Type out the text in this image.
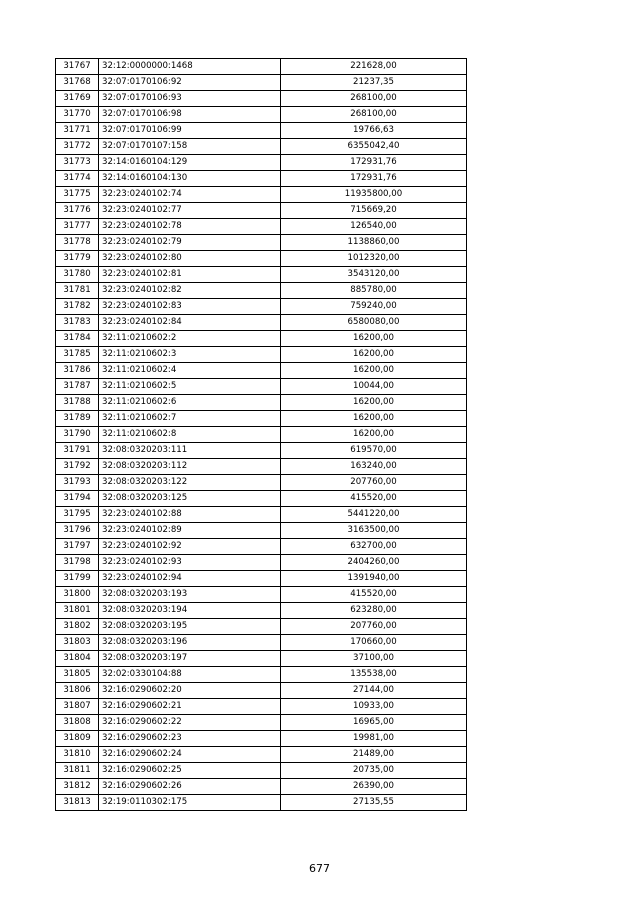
31767	32:12:0000000:1468	221628,00
31768	32:07:0170106:92	21237,35
31769	32:07:0170106:93	268100,00
31770	32:07:0170106:98	268100,00
31771	32:07:0170106:99	19766,63
31772	32:07:0170107:158	6355042,40
31773	32:14:0160104:129	172931,76
31774	32:14:0160104:130	172931,76
31775	32:23:0240102:74	11935800,00
31776	32:23:0240102:77	715669,20
31777	32:23:0240102:78	126540,00
31778	32:23:0240102:79	1138860,00
31779	32:23:0240102:80	1012320,00
31780	32:23:0240102:81	3543120,00
31781	32:23:0240102:82	885780,00
31782	32:23:0240102:83	759240,00
31783	32:23:0240102:84	6580080,00
31784	32:11:0210602:2	16200,00
31785	32:11:0210602:3	16200,00
31786	32:11:0210602:4	16200,00
31787	32:11:0210602:5	10044,00
31788	32:11:0210602:6	16200,00
31789	32:11:0210602:7	16200,00
31790	32:11:0210602:8	16200,00
31791	32:08:0320203:111	619570,00
31792	32:08:0320203:112	163240,00
31793	32:08:0320203:122	207760,00
31794	32:08:0320203:125	415520,00
31795	32:23:0240102:88	5441220,00
31796	32:23:0240102:89	3163500,00
31797	32:23:0240102:92	632700,00
31798	32:23:0240102:93	2404260,00
31799	32:23:0240102:94	1391940,00
31800	32:08:0320203:193	415520,00
31801	32:08:0320203:194	623280,00
31802	32:08:0320203:195	207760,00
31803	32:08:0320203:196	170660,00
31804	32:08:0320203:197	37100,00
31805	32:02:0330104:88	135538,00
31806	32:16:0290602:20	27144,00
31807	32:16:0290602:21	10933,00
31808	32:16:0290602:22	16965,00
31809	32:16:0290602:23	19981,00
31810	32:16:0290602:24	21489,00
31811	32:16:0290602:25	20735,00
31812	32:16:0290602:26	26390,00
31813	32:19:0110302:175	27135,55
677
